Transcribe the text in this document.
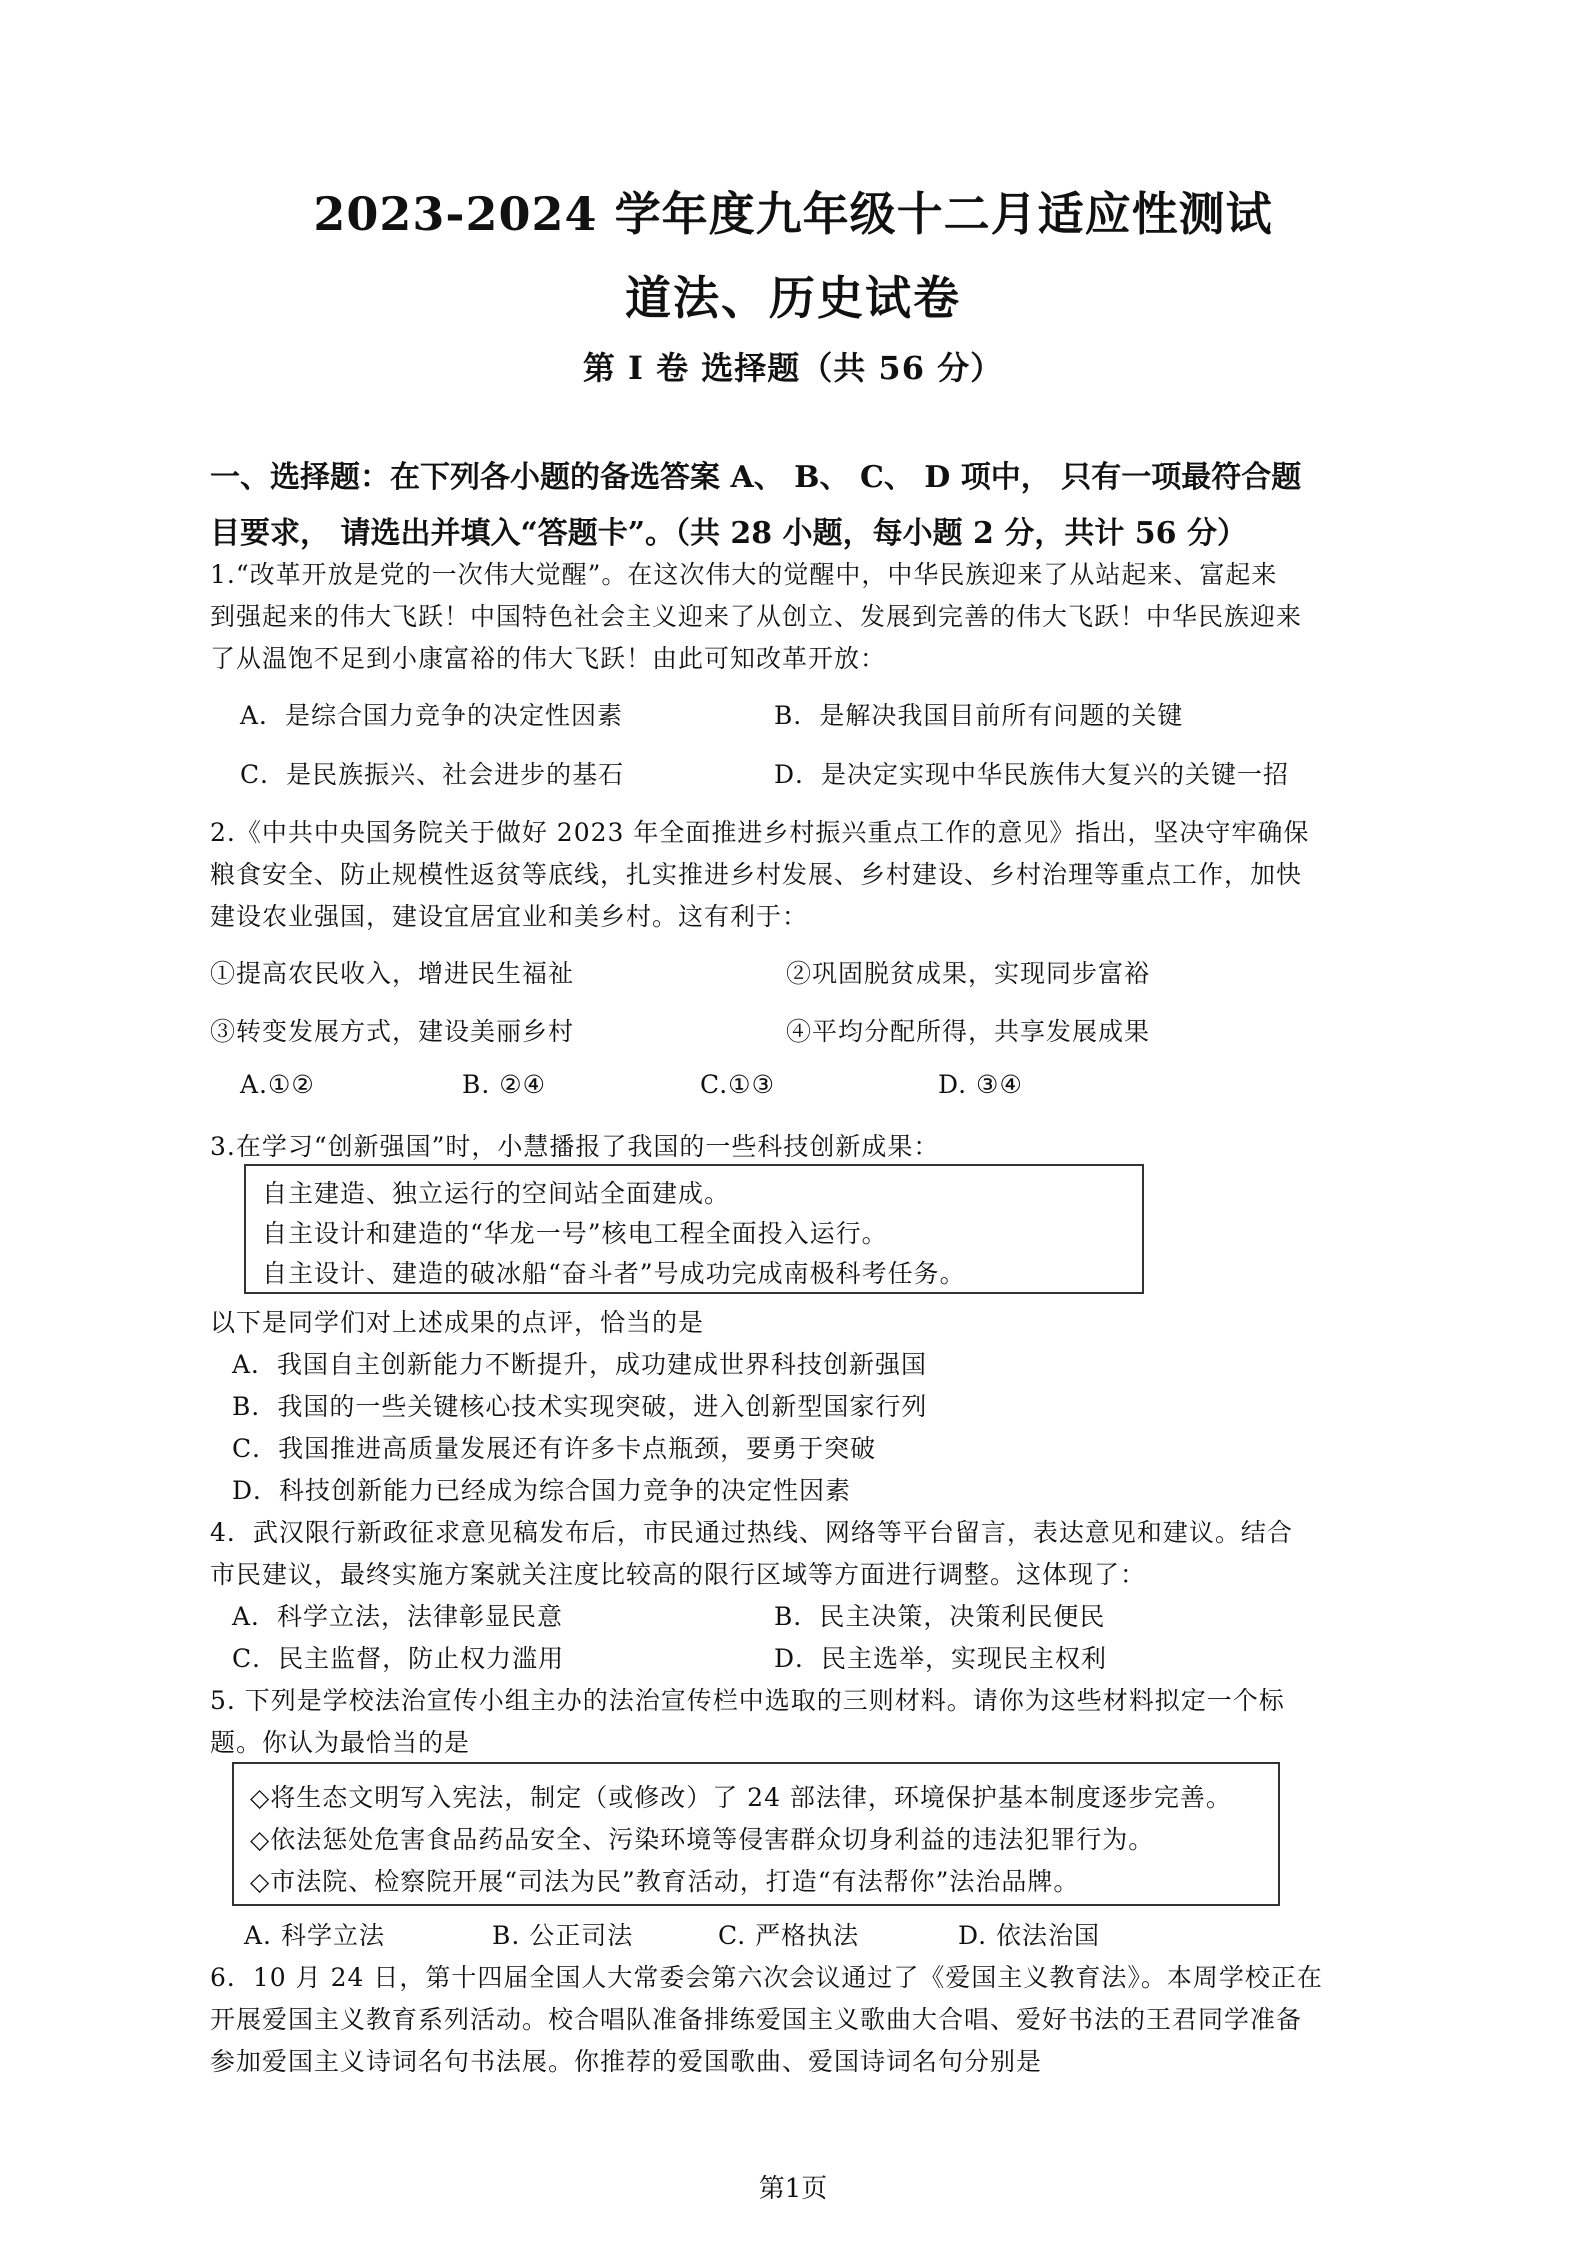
2023-2024 学年度九年级十二月适应性测试
道法、历史试卷
第 I 卷 选择题（共 56 分）
一、选择题：在下列各小题的备选答案 A、 B、 C、 D 项中， 只有一项最符合题
目要求， 请选出并填入“答题卡”。（共 28 小题，每小题 2 分，共计 56 分）
1.“改革开放是党的一次伟大觉醒”。在这次伟大的觉醒中，中华民族迎来了从站起来、富起来
到强起来的伟大飞跃！中国特色社会主义迎来了从创立、发展到完善的伟大飞跃！中华民族迎来
了从温饱不足到小康富裕的伟大飞跃！由此可知改革开放：
A．是综合国力竞争的决定性因素	B．是解决我国目前所有问题的关键
C．是民族振兴、社会进步的基石	D．是决定实现中华民族伟大复兴的关键一招
2.《中共中央国务院关于做好 2023 年全面推进乡村振兴重点工作的意见》指出，坚决守牢确保
粮食安全、防止规模性返贫等底线，扎实推进乡村发展、乡村建设、乡村治理等重点工作，加快
建设农业强国，建设宜居宜业和美乡村。这有利于：
①提高农民收入，增进民生福祉	②巩固脱贫成果，实现同步富裕
③转变发展方式，建设美丽乡村	④平均分配所得，共享发展成果
A.①②	B. ②④	C.①③	D. ③④
3.在学习“创新强国”时，小慧播报了我国的一些科技创新成果：
自主建造、独立运行的空间站全面建成。
自主设计和建造的“华龙一号”核电工程全面投入运行。
自主设计、建造的破冰船“奋斗者”号成功完成南极科考任务。
以下是同学们对上述成果的点评，恰当的是
A．我国自主创新能力不断提升，成功建成世界科技创新强国
B．我国的一些关键核心技术实现突破，进入创新型国家行列
C．我国推进高质量发展还有许多卡点瓶颈，要勇于突破
D．科技创新能力已经成为综合国力竞争的决定性因素
4．武汉限行新政征求意见稿发布后，市民通过热线、网络等平台留言，表达意见和建议。结合
市民建议，最终实施方案就关注度比较高的限行区域等方面进行调整。这体现了：
A．科学立法，法律彰显民意	B．民主决策，决策利民便民
C．民主监督，防止权力滥用	D．民主选举，实现民主权利
5. 下列是学校法治宣传小组主办的法治宣传栏中选取的三则材料。请你为这些材料拟定一个标
题。你认为最恰当的是
◇将生态文明写入宪法，制定（或修改）了 24 部法律，环境保护基本制度逐步完善。
◇依法惩处危害食品药品安全、污染环境等侵害群众切身利益的违法犯罪行为。
◇市法院、检察院开展“司法为民”教育活动，打造“有法帮你”法治品牌。
A. 科学立法	B. 公正司法	C. 严格执法	D. 依法治国
6．10 月 24 日，第十四届全国人大常委会第六次会议通过了《爱国主义教育法》。本周学校正在
开展爱国主义教育系列活动。校合唱队准备排练爱国主义歌曲大合唱、爱好书法的王君同学准备
参加爱国主义诗词名句书法展。你推荐的爱国歌曲、爱国诗词名句分别是
第1页
